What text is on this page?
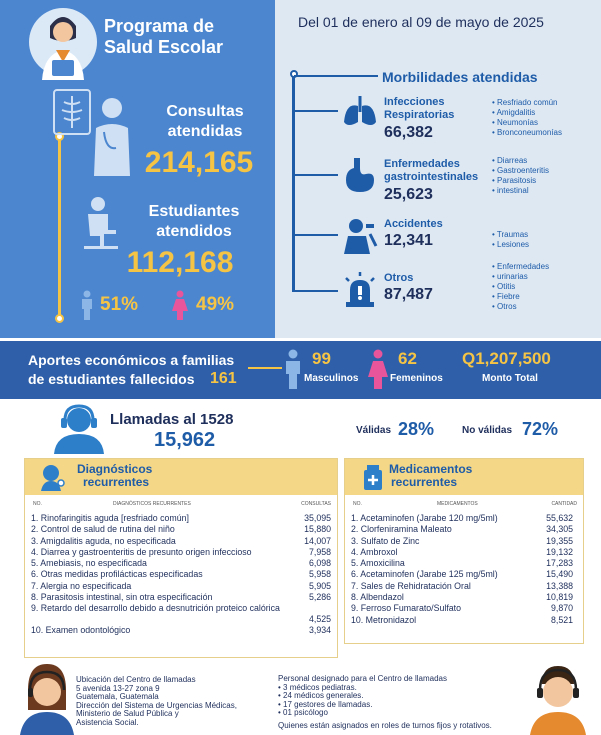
Programa de
Salud Escolar
Consultas
atendidas
214,165
Estudiantes
atendidos
112,168
51%	49%
Del 01 de enero al 09 de mayo de 2025
Morbilidades atendidas
Infecciones
Respiratorias
66,382
• Resfriado común
• Amigdalitis
• Neumonías
• Bronconeumonías
Enfermedades
gastrointestinales
25,623
• Diarreas
• Gastroenteritis
• Parasitosis
• intestinal
Accidentes
12,341
•	Traumas
• Lesiones
Otros
87,487
• Enfermedades
• urinarias
• Otitis
• Fiebre
• Otros
Aportes económicos a familias
de estudiantes fallecidos 161
99
Masculinos
62
Femeninos
Q1,207,500
Monto Total
Llamadas al 1528
15,962	Válidas 28%	No válidas 72%
Diagnósticos
recurrentes
NO.	DIAGNÓSTICOS RECURRENTES	CONSULTAS
1. Rinofaringitis aguda [resfriado común]	35,095
2. Control de salud de rutina del niño	15,880
3. Amigdalitis aguda, no especificada	14,007
4. Diarrea y gastroenteritis de presunto origen infeccioso	7,958
5. Amebiasis, no especificada	6,098
6. Otras medidas profilácticas especificadas	5,958
7. Alergia no especificada	5,905
8. Parasitosis intestinal, sin otra especificación	5,286
9. Retardo del desarrollo debido a desnutrición proteico calórica
4,525
10. Examen odontológico	3,934
Medicamentos
recurrentes
NO.	MEDICAMENTOS	CANTIDAD
1. Acetaminofen (Jarabe 120 mg/5ml)	55,632
2. Clorfeniramina Maleato	34,305
3. Sulfato de Zinc	19,355
4. Ambroxol	19,132
5. Amoxicilina	17,283
6. Acetaminofen (Jarabe 125 mg/5ml)	15,490
7. Sales de Rehidratación Oral	13,388
8. Albendazol	10,819
9. Ferroso Fumarato/Sulfato	9,870
10. Metronidazol	8,521
Ubicación del Centro de llamadas
5 avenida 13-27 zona 9
Guatemala, Guatemala
Dirección del Sistema de Urgencias Médicas,
Ministerio de Salud Pública y
Asistencia Social.
Personal designado para el Centro de llamadas
• 3 médicos pediatras.
• 24 médicos generales.
• 17 gestores de llamadas.
• 01 psicólogo
Quienes están asignados en roles de turnos fijos y rotativos.
